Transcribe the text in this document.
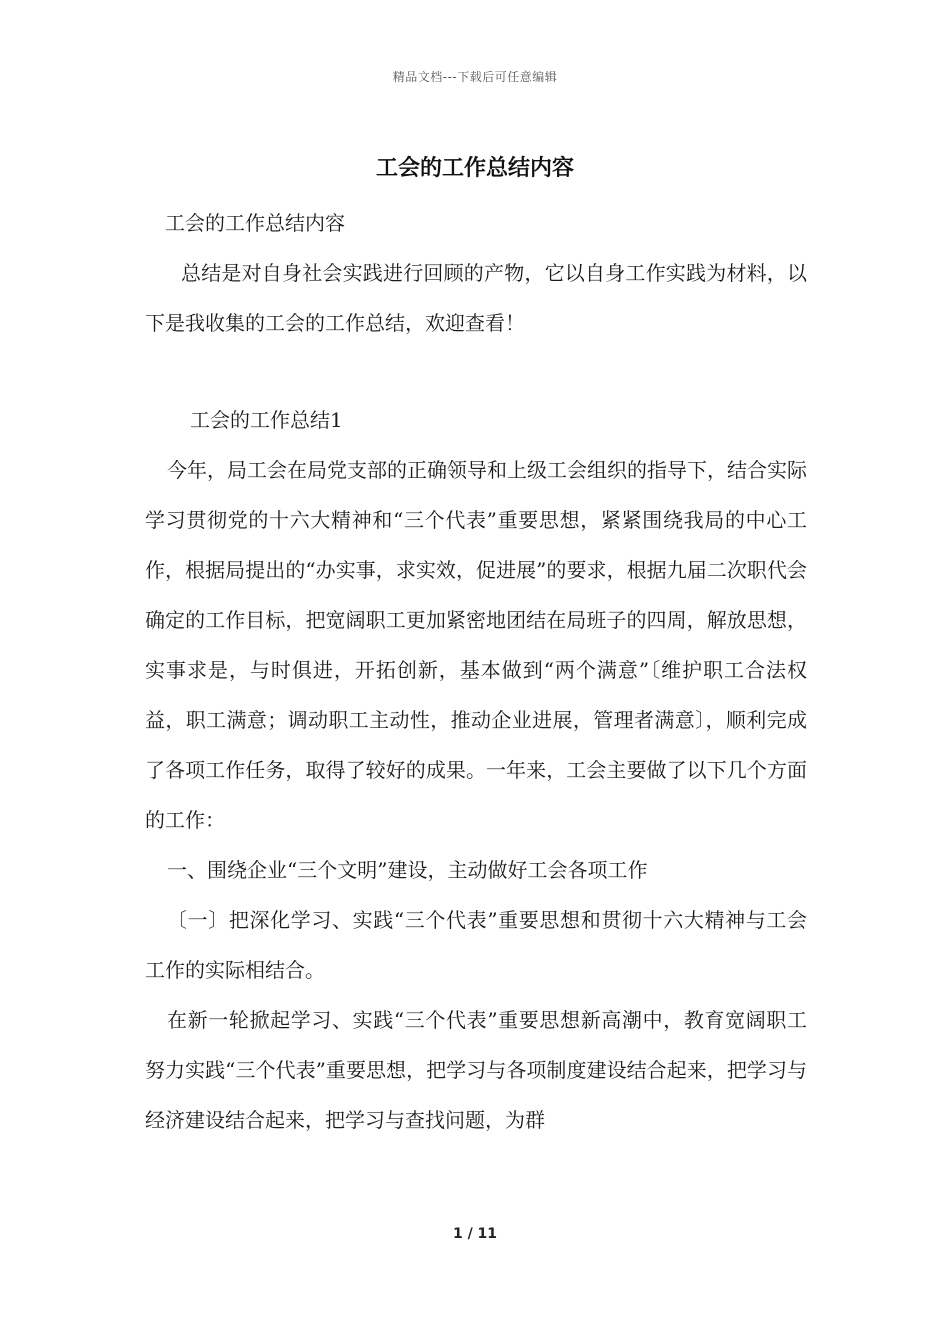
精品文档---下载后可任意编辑
工会的工作总结内容
工会的工作总结内容
总结是对自身社会实践进行回顾的产物，它以自身工作实践为材料，以下是我收集的工会的工作总结，欢迎查看！
工会的工作总结1

今年，局工会在局党支部的正确领导和上级工会组织的指导下，结合实际学习贯彻党的十六大精神和“三个代表”重要思想，紧紧围绕我局的中心工作，根据局提出的“办实事，求实效，促进展”的要求，根据九届二次职代会确定的工作目标，把宽阔职工更加紧密地团结在局班子的四周，解放思想，实事求是，与时俱进，开拓创新，基本做到“两个满意”〔维护职工合法权益，职工满意；调动职工主动性，推动企业进展，管理者满意〕，顺利完成了各项工作任务，取得了较好的成果。一年来，工会主要做了以下几个方面的工作：

一、围绕企业“三个文明”建设，主动做好工会各项工作

〔一〕把深化学习、实践“三个代表”重要思想和贯彻十六大精神与工会工作的实际相结合。

在新一轮掀起学习、实践“三个代表”重要思想新高潮中，教育宽阔职工努力实践“三个代表”重要思想，把学习与各项制度建设结合起来，把学习与经济建设结合起来，把学习与查找问题，为群

1 / 11
